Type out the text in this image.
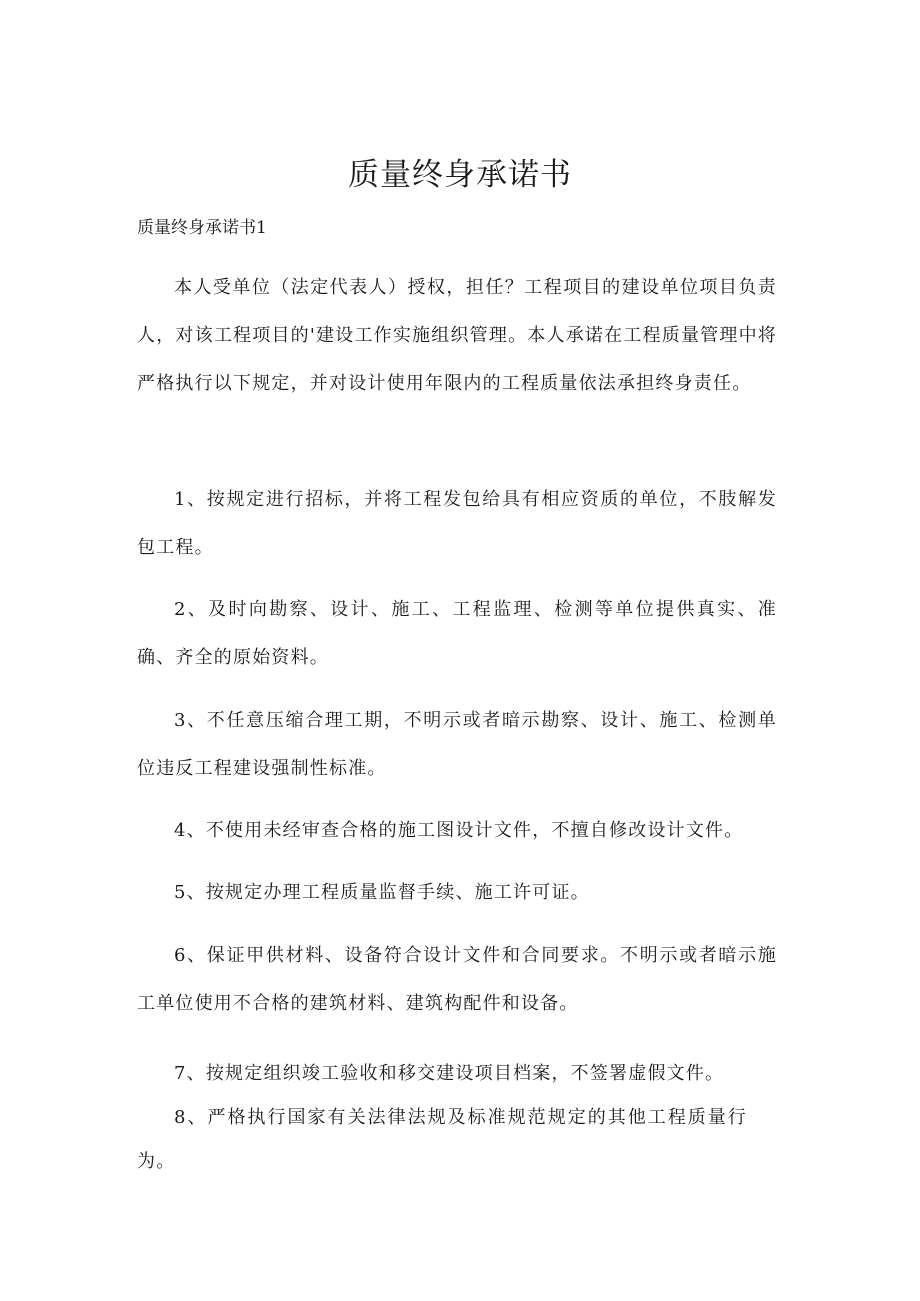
质量终身承诺书

质量终身承诺书1

本人受单位（法定代表人）授权，担任？工程项目的建设单位项目负责人，对该工程项目的'建设工作实施组织管理。本人承诺在工程质量管理中将严格执行以下规定，并对设计使用年限内的工程质量依法承担终身责任。

1、按规定进行招标，并将工程发包给具有相应资质的单位，不肢解发包工程。

2、及时向勘察、设计、施工、工程监理、检测等单位提供真实、准确、齐全的原始资料。

3、不任意压缩合理工期，不明示或者暗示勘察、设计、施工、检测单位违反工程建设强制性标准。

4、不使用未经审查合格的施工图设计文件，不擅自修改设计文件。

5、按规定办理工程质量监督手续、施工许可证。

6、保证甲供材料、设备符合设计文件和合同要求。不明示或者暗示施工单位使用不合格的建筑材料、建筑构配件和设备。

7、按规定组织竣工验收和移交建设项目档案，不签署虚假文件。

8、严格执行国家有关法律法规及标准规范规定的其他工程质量行为。
